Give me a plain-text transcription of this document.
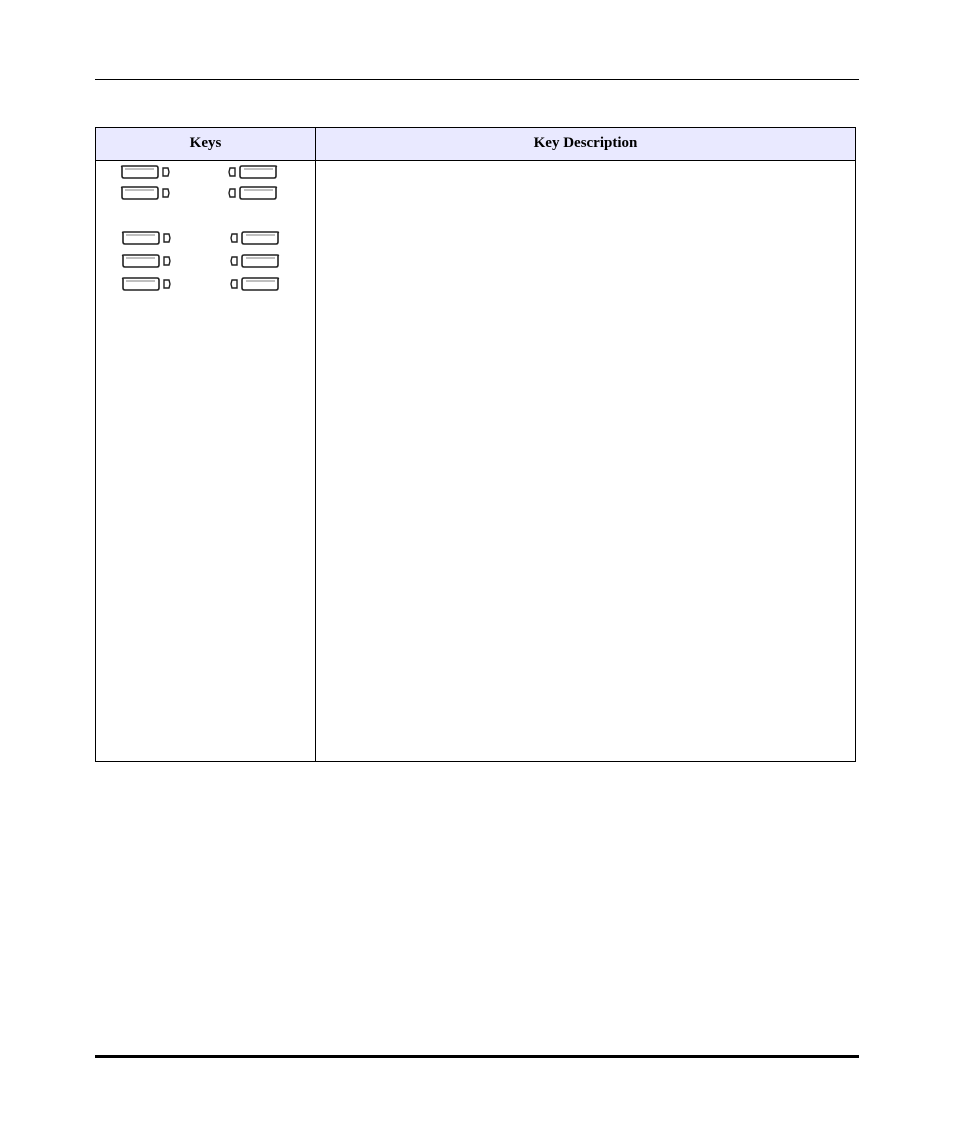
Keys	Key Description
